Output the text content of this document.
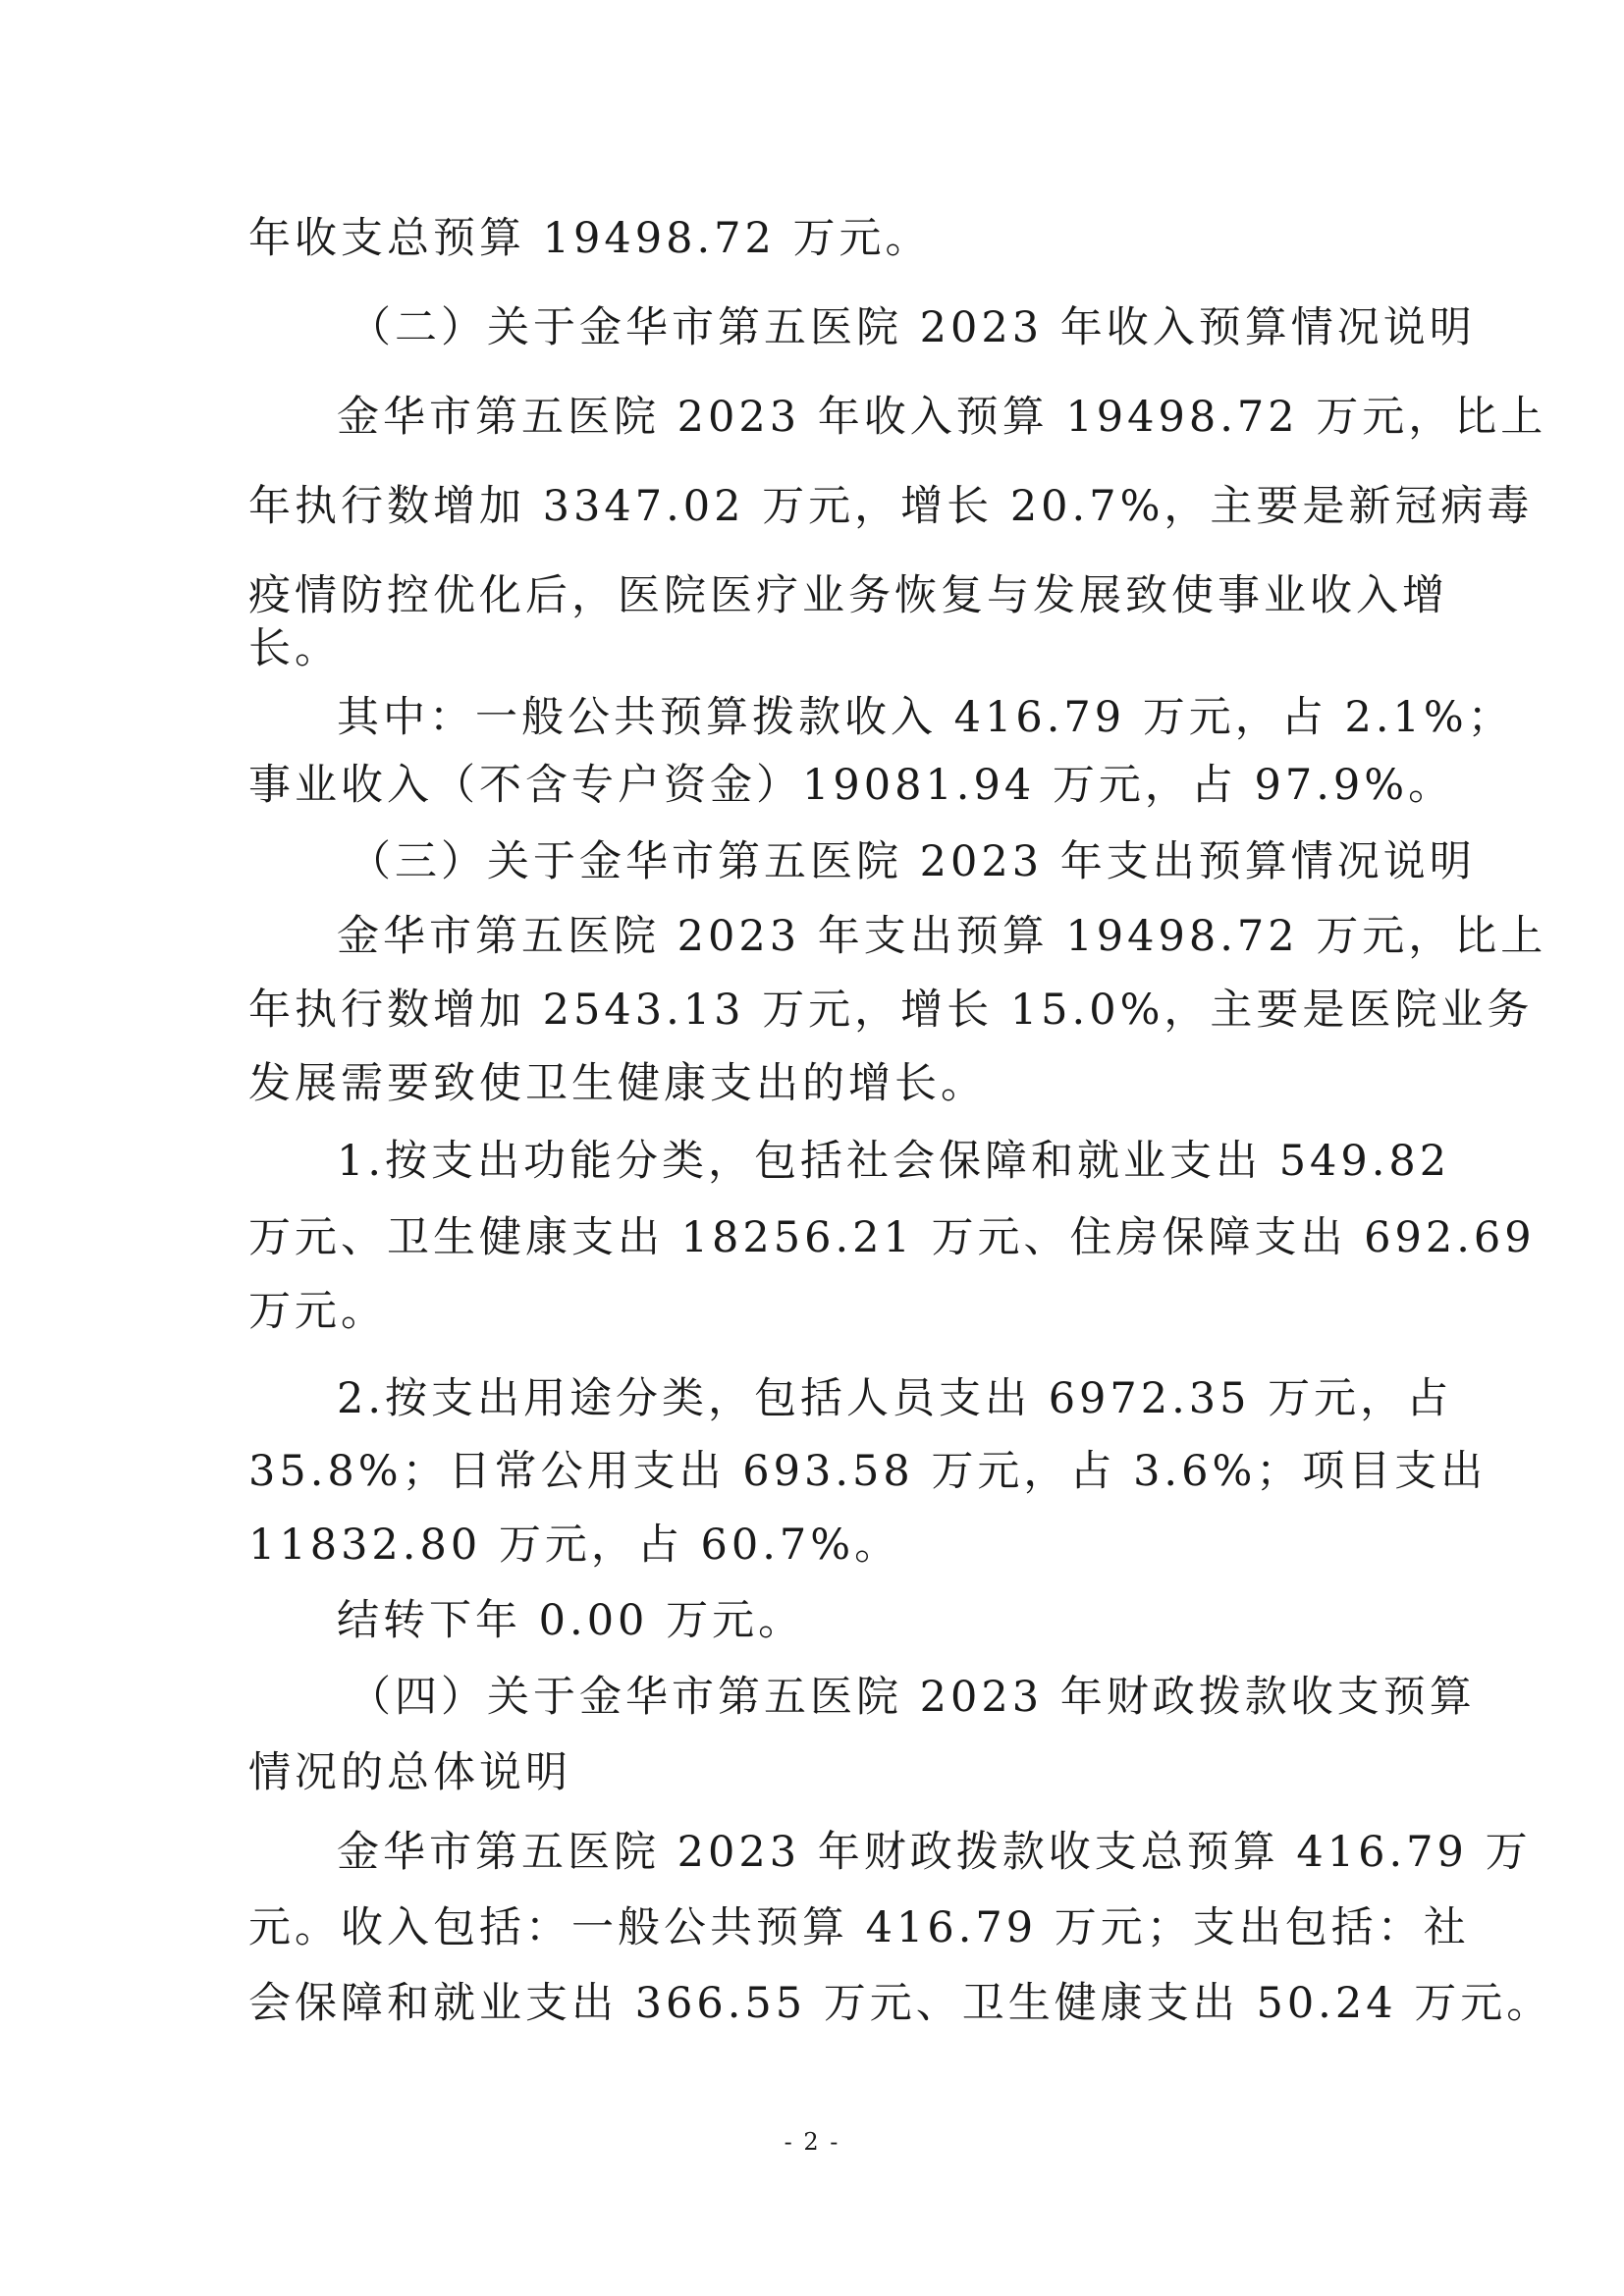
年收支总预算 19498.72 万元。
（二）关于金华市第五医院 2023 年收入预算情况说明
金华市第五医院 2023 年收入预算 19498.72 万元，比上
年执行数增加 3347.02 万元，增长 20.7%，主要是新冠病毒
疫情防控优化后，医院医疗业务恢复与发展致使事业收入增
长。
其中：一般公共预算拨款收入 416.79 万元，占 2.1%；
事业收入（不含专户资金）19081.94 万元，占 97.9%。
（三）关于金华市第五医院 2023 年支出预算情况说明
金华市第五医院 2023 年支出预算 19498.72 万元，比上
年执行数增加 2543.13 万元，增长 15.0%，主要是医院业务
发展需要致使卫生健康支出的增长。
1.按支出功能分类，包括社会保障和就业支出 549.82
万元、卫生健康支出 18256.21 万元、住房保障支出 692.69
万元。
2.按支出用途分类，包括人员支出 6972.35 万元，占
35.8%；日常公用支出 693.58 万元，占 3.6%；项目支出
11832.80 万元，占 60.7%。
结转下年 0.00 万元。
（四）关于金华市第五医院 2023 年财政拨款收支预算
情况的总体说明
金华市第五医院 2023 年财政拨款收支总预算 416.79 万
元。收入包括：一般公共预算 416.79 万元；支出包括：社
会保障和就业支出 366.55 万元、卫生健康支出 50.24 万元。
- 2 -
